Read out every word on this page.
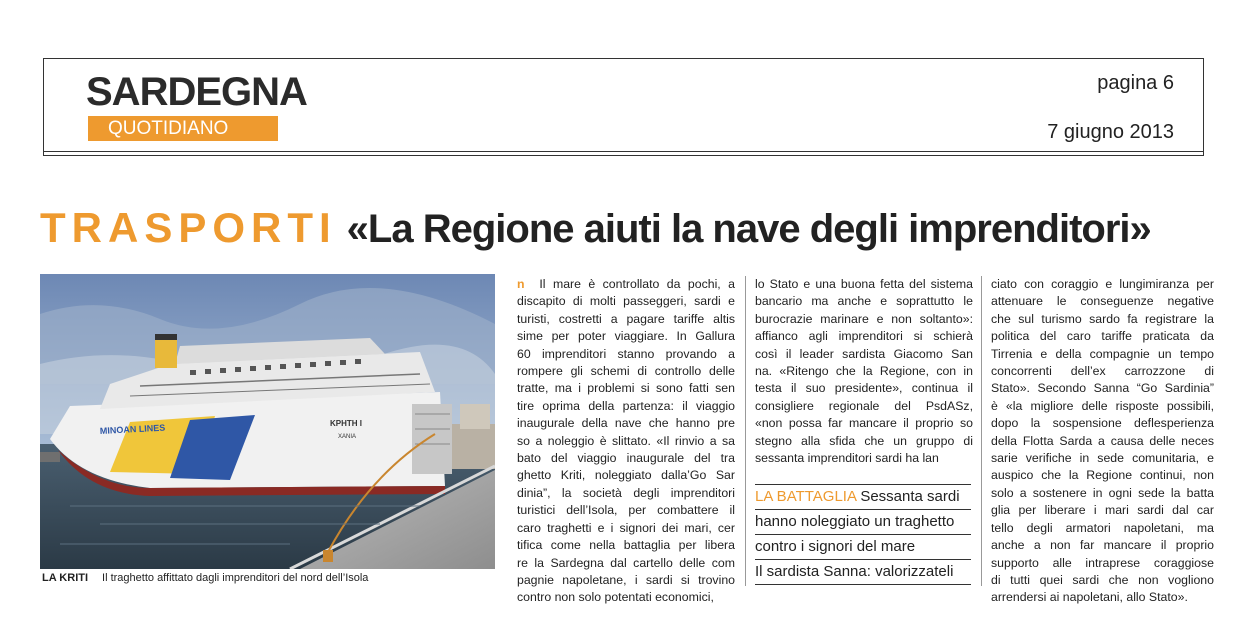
SARDEGNA
QUOTIDIANO
pagina 6
7 giugno 2013
TRASPORTI «La Regione aiuti la nave degli imprenditori»
MINOAN LINES	ΚΡΗΤΗ Ι
XANIA
LA KRITI Il traghetto affittato dagli imprenditori del nord dell’Isola
n  Il mare è controllato da pochi, a
discapito di molti passeggeri, sardi e
turisti, costretti a pagare tariffe altis
sime per poter viaggiare. In Gallura
60 imprenditori stanno provando a
rompere gli schemi di controllo delle
tratte, ma i problemi si sono fatti sen
tire oprima della partenza: il viaggio
inaugurale della nave che hanno pre
so a noleggio è slittato. «Il rinvio a sa
bato del viaggio inaugurale del tra
ghetto Kriti, noleggiato dalla’Go Sar
dinia”, la società degli imprenditori
turistici dell’Isola, per combattere il
caro traghetti e i signori dei mari, cer
tifica come nella battaglia per libera
re la Sardegna dal cartello delle com
pagnie napoletane, i sardi si trovino
contro non solo potentati economici,
lo Stato e una buona fetta del sistema
bancario ma anche e soprattutto le
burocrazie marinare e non soltanto»:
affianco agli imprenditori si schierà
così il leader sardista Giacomo San
na. «Ritengo che la Regione, con in
testa il suo presidente», continua il
consigliere regionale del PsdASz,
«non possa far mancare il proprio so
stegno alla sfida che un gruppo di
sessanta imprenditori sardi ha lan
LA BATTAGLIA Sessanta sardi
hanno noleggiato un traghetto
contro i signori del mare
Il sardista Sanna: valorizzateli
ciato con coraggio e lungimiranza per
attenuare le conseguenze negative
che sul turismo sardo fa registrare la
politica del caro tariffe praticata da
Tirrenia e della compagnie un tempo
concorrenti dell’ex carrozzone di
Stato». Secondo Sanna “Go Sardinia”
è «la migliore delle risposte possibili,
dopo la sospensione deflesperienza
della Flotta Sarda a causa delle neces
sarie verifiche in sede comunitaria, e
auspico che la Regione continui, non
solo a sostenere in ogni sede la batta
glia per liberare i mari sardi dal car
tello degli armatori napoletani, ma
anche a non far mancare il proprio
supporto alle intraprese coraggiose
di tutti quei sardi che non vogliono
arrendersi ai napoletani, allo Stato».
